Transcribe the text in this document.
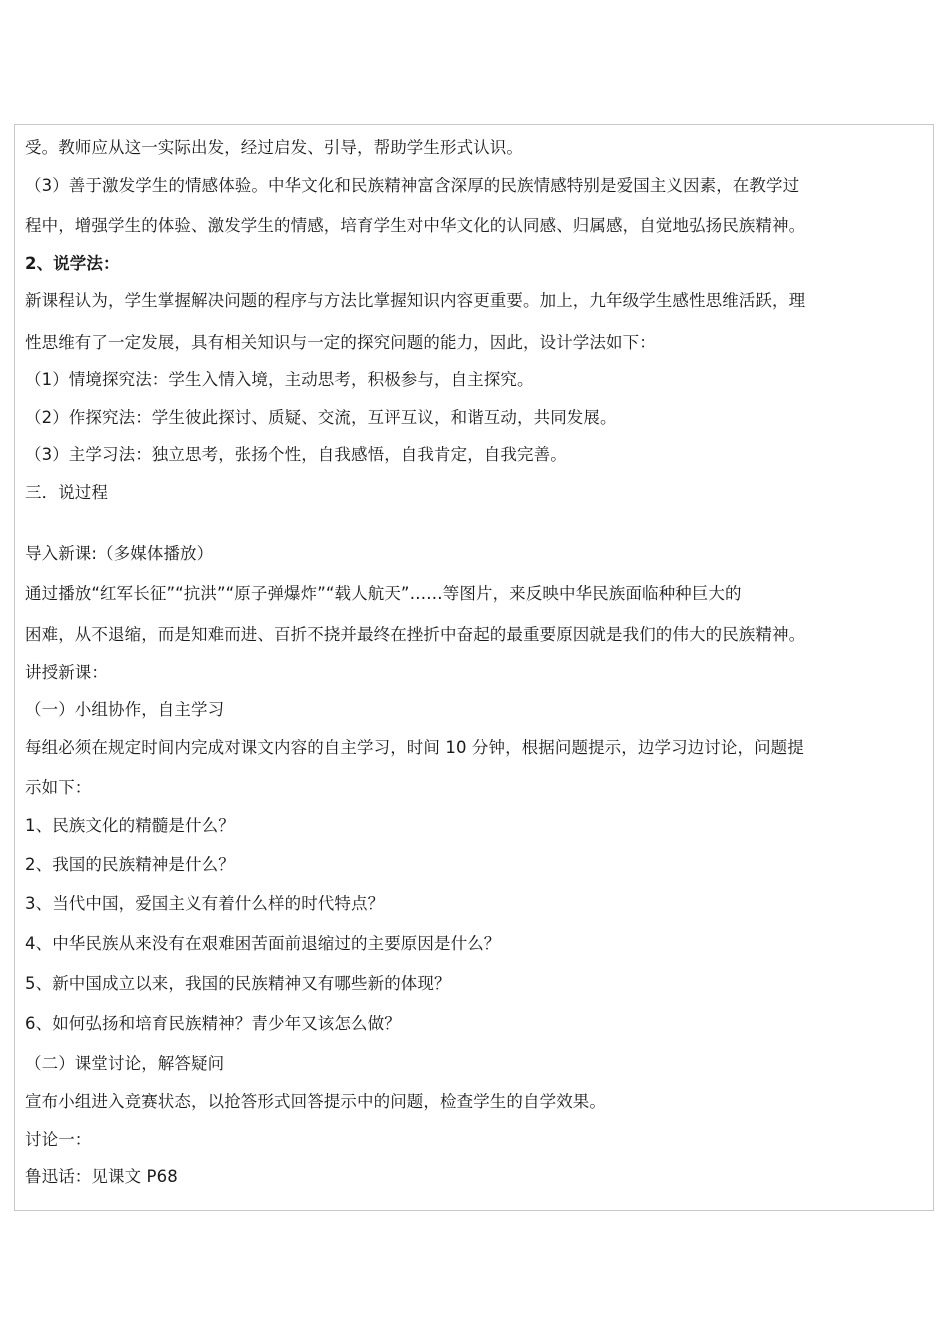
受。教师应从这一实际出发，经过启发、引导，帮助学生形式认识。
（3）善于激发学生的情感体验。中华文化和民族精神富含深厚的民族情感特别是爱国主义因素，在教学过
程中，增强学生的体验、激发学生的情感，培育学生对中华文化的认同感、归属感，自觉地弘扬民族精神。
2、说学法：
新课程认为，学生掌握解决问题的程序与方法比掌握知识内容更重要。加上，九年级学生感性思维活跃，理
性思维有了一定发展，具有相关知识与一定的探究问题的能力，因此，设计学法如下：
（1）情境探究法：学生入情入境，主动思考，积极参与，自主探究。
（2）作探究法：学生彼此探讨、质疑、交流，互评互议，和谐互动，共同发展。
（3）主学习法：独立思考，张扬个性，自我感悟，自我肯定，自我完善。
三．说过程
导入新课:（多媒体播放）
通过播放“红军长征”“抗洪”“原子弹爆炸”“载人航天”……等图片，来反映中华民族面临种种巨大的
困难，从不退缩，而是知难而进、百折不挠并最终在挫折中奋起的最重要原因就是我们的伟大的民族精神。
讲授新课：
（一）小组协作，自主学习
每组必须在规定时间内完成对课文内容的自主学习，时间 10 分钟，根据问题提示，边学习边讨论，问题提
示如下：
1、民族文化的精髓是什么？
2、我国的民族精神是什么？
3、当代中国，爱国主义有着什么样的时代特点？
4、中华民族从来没有在艰难困苦面前退缩过的主要原因是什么？
5、新中国成立以来，我国的民族精神又有哪些新的体现？
6、如何弘扬和培育民族精神？青少年又该怎么做？
（二）课堂讨论，解答疑问
宣布小组进入竞赛状态，以抢答形式回答提示中的问题，检查学生的自学效果。
讨论一：
鲁迅话：见课文 P68
